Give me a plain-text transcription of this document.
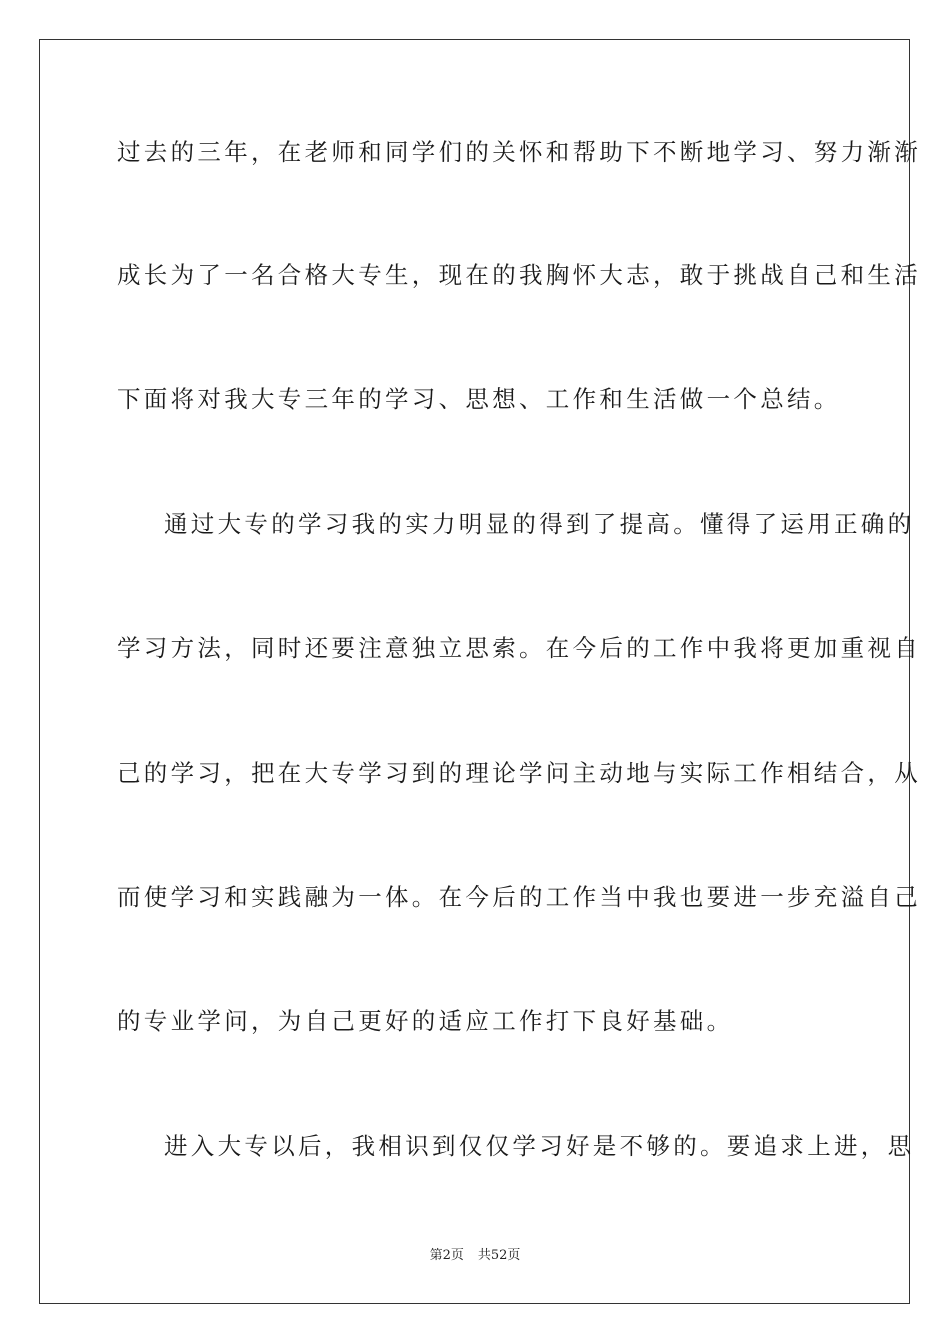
过去的三年，在老师和同学们的关怀和帮助下不断地学习、努力渐渐
成长为了一名合格大专生，现在的我胸怀大志，敢于挑战自己和生活
下面将对我大专三年的学习、思想、工作和生活做一个总结。
通过大专的学习我的实力明显的得到了提高。懂得了运用正确的
学习方法，同时还要注意独立思索。在今后的工作中我将更加重视自
己的学习，把在大专学习到的理论学问主动地与实际工作相结合，从
而使学习和实践融为一体。在今后的工作当中我也要进一步充溢自己
的专业学问，为自己更好的适应工作打下良好基础。
进入大专以后，我相识到仅仅学习好是不够的。要追求上进，思
第2页 共52页
